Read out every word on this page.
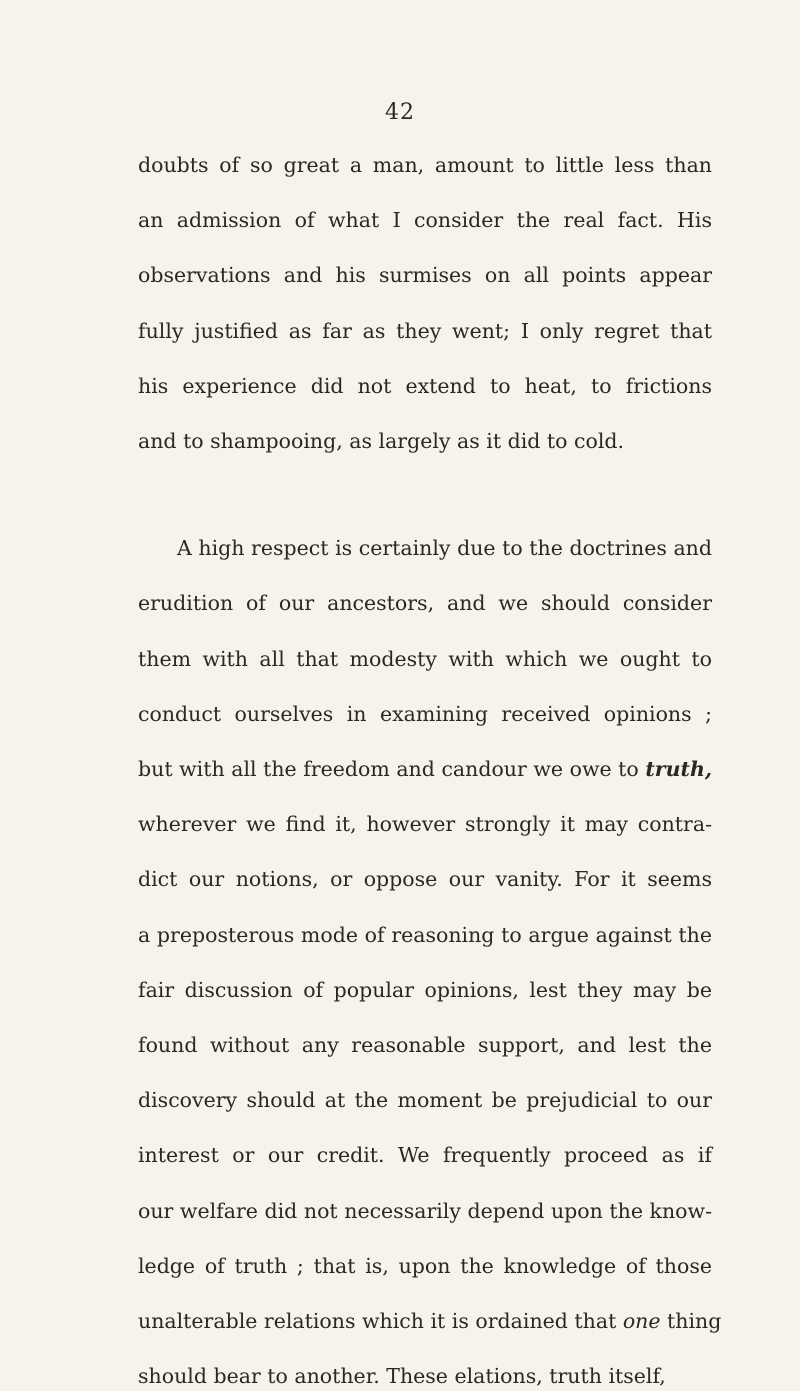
42
doubts of so great a man, amount to little less than
an admission of what I consider the real fact. His
observations and his surmises on all points appear
fully justified as far as they went; I only regret that
his experience did not extend to heat, to frictions
and to shampooing, as largely as it did to cold.
A high respect is certainly due to the doctrines and
erudition of our ancestors, and we should consider
them with all that modesty with which we ought to
conduct ourselves in examining received opinions ;
but with all the freedom and candour we owe to truth,
wherever we find it, however strongly it may contra-
dict our notions, or oppose our vanity. For it seems
a preposterous mode of reasoning to argue against the
fair discussion of popular opinions, lest they may be
found without any reasonable support, and lest the
discovery should at the moment be prejudicial to our
interest or our credit. We frequently proceed as if
our welfare did not necessarily depend upon the know-
ledge of truth ; that is, upon the knowledge of those
unalterable relations which it is ordained that one thing
should bear to another. These elations, truth itself,
